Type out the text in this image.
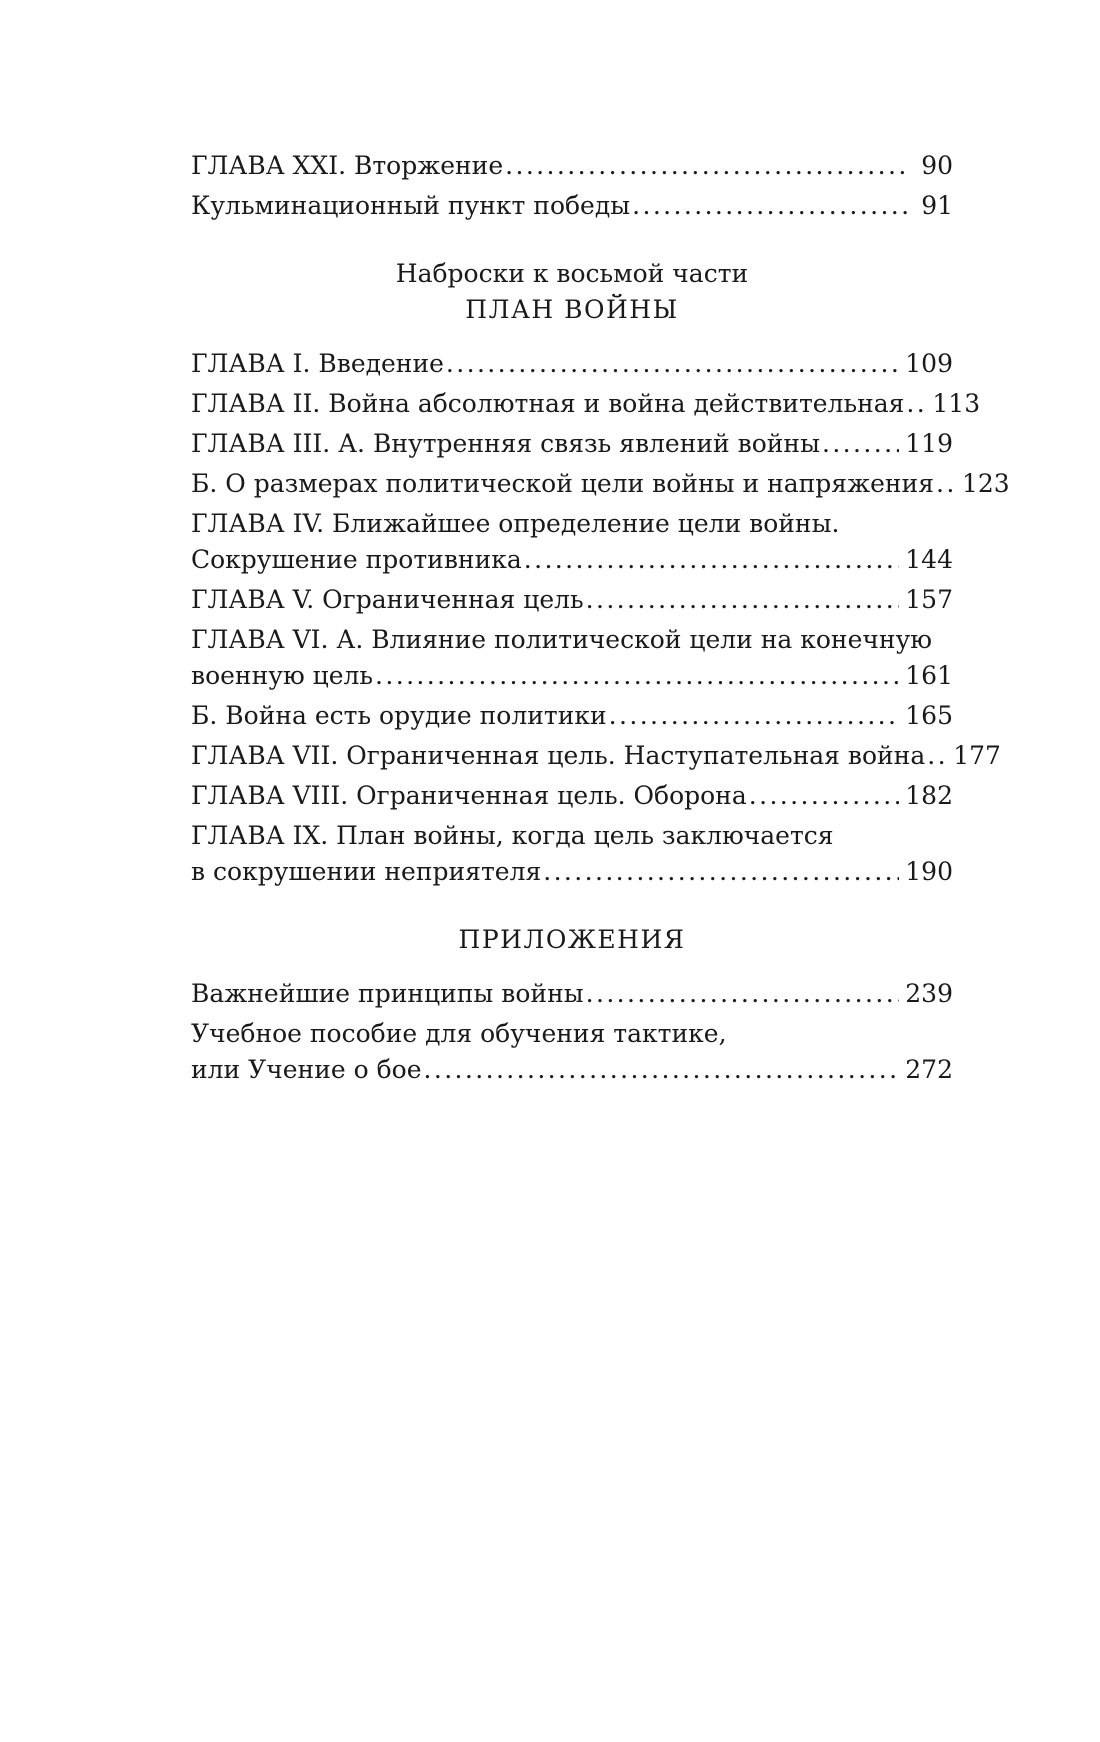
ГЛАВА XXI. Вторжение .....	90
Кульминационный пункт победы .....	91
Наброски к восьмой части
ПЛАН ВОЙНЫ
ГЛАВА I. Введение .....	109
ГЛАВА II. Война абсолютная и война действительная ..... 113
ГЛАВА III. А. Внутренняя связь явлений войны .....	119
Б. О размерах политической цели войны и напряжения ..... 123
ГЛАВА IV. Ближайшее определение цели войны.
Сокрушение противника .....	144
ГЛАВА V. Ограниченная цель .....	157
ГЛАВА VI. А. Влияние политической цели на конечную
военную цель .....	161
Б. Война есть орудие политики .....	165
ГЛАВА VII. Ограниченная цель. Наступательная война ..... 177
ГЛАВА VIII. Ограниченная цель. Оборона .....	182
ГЛАВА IX. План войны, когда цель заключается
в сокрушении неприятеля .....	190
ПРИЛОЖЕНИЯ
Важнейшие принципы войны .....	239
Учебное пособие для обучения тактике,
или Учение о бое .....	272
